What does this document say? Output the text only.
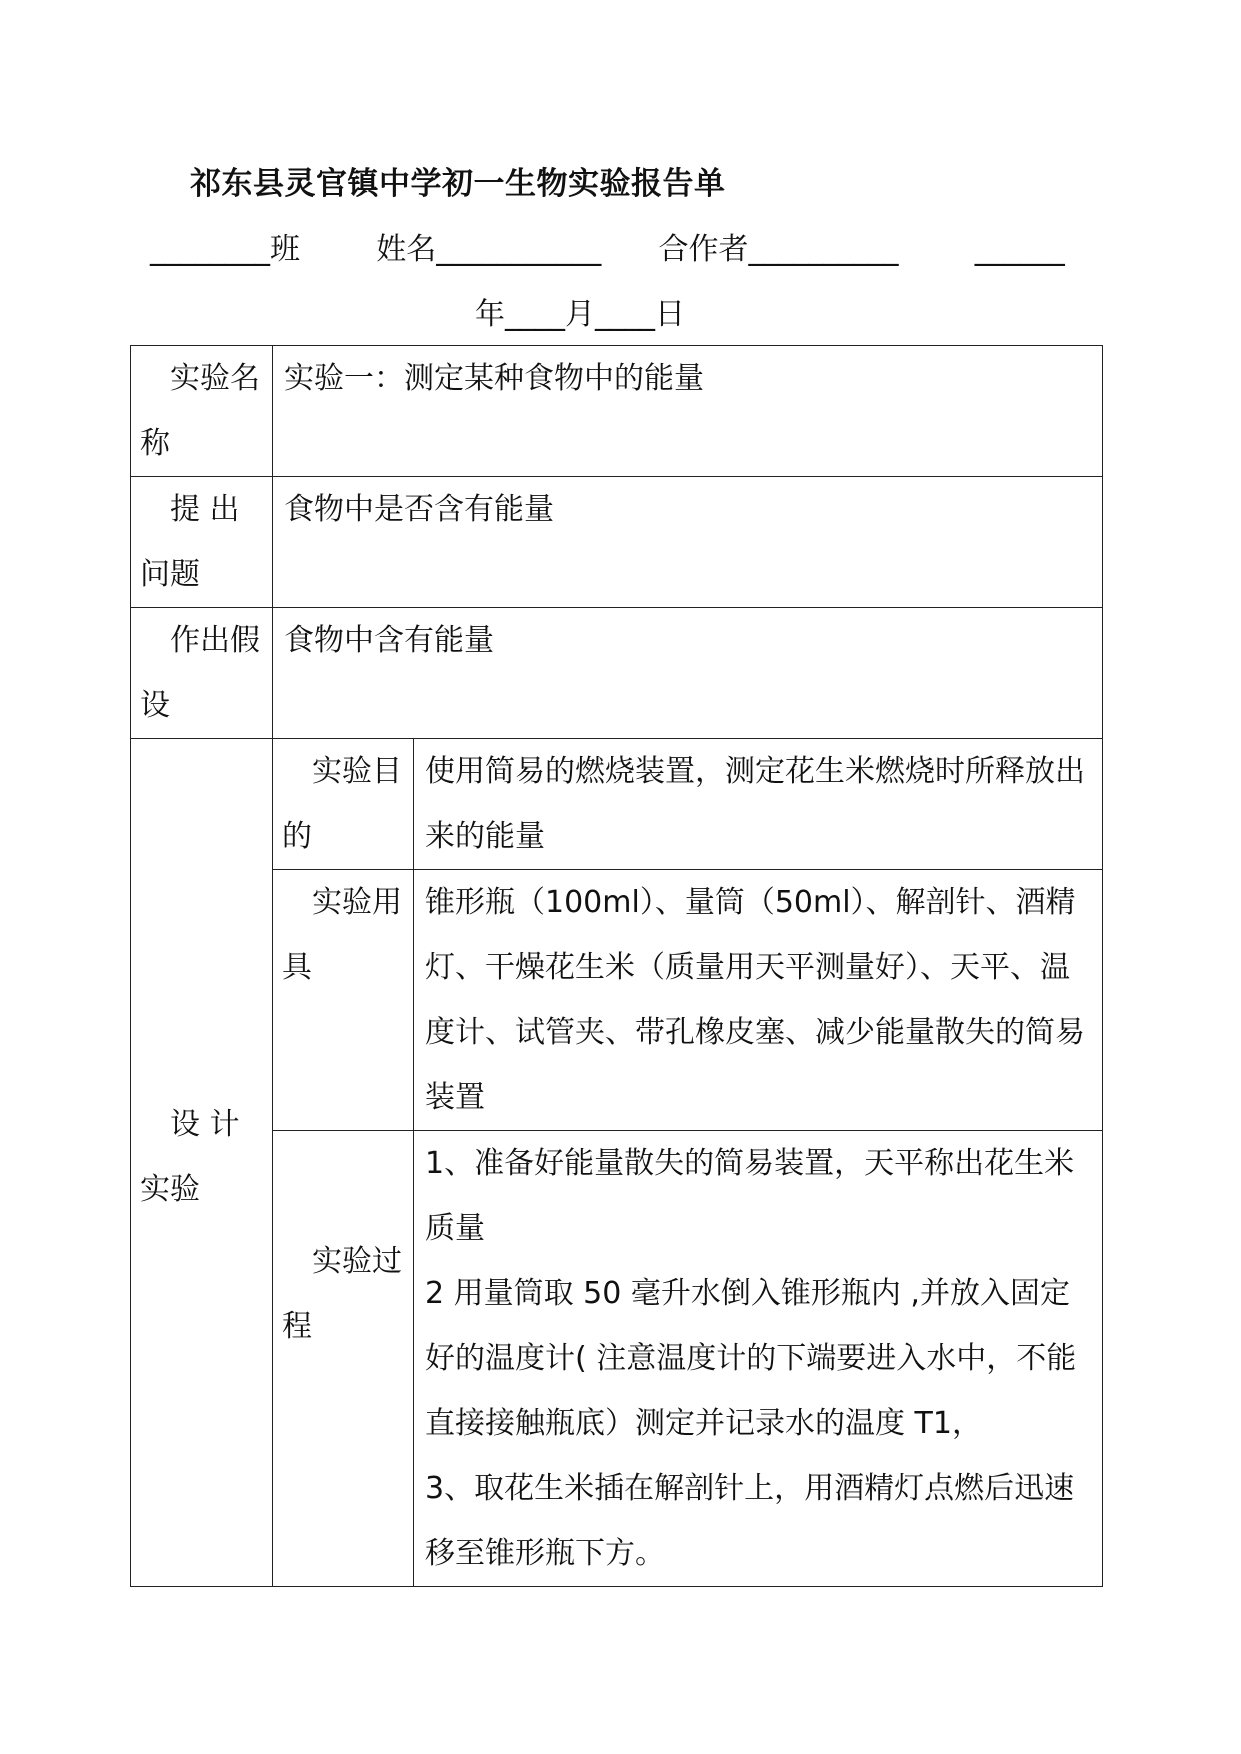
祁东县灵官镇中学初一生物实验报告单
________班        姓名___________      合作者__________        ______
年____月____日
实验名称	实验一：测定某种食物中的能量	

提 出问题	食物中是否含有能量	

作出假设	食物中含有能量	

设 计实验	实验目的	使用简易的燃烧装置，测定花生米燃烧时所释放出来的能量

	实验用具	锥形瓶（100ml）、量筒（50ml）、解剖针、酒精灯、干燥花生米（质量用天平测量好）、天平、温度计、试管夹、带孔橡皮塞、减少能量散失的简易装置

	实验过程	1、准备好能量散失的简易装置，天平称出花生米质量
2 用量筒取 50 毫升水倒入锥形瓶内 ,并放入固定好的温度计( 注意温度计的下端要进入水中，不能直接接触瓶底）测定并记录水的温度 T1，
3、取花生米插在解剖针上，用酒精灯点燃后迅速移至锥形瓶下方。
